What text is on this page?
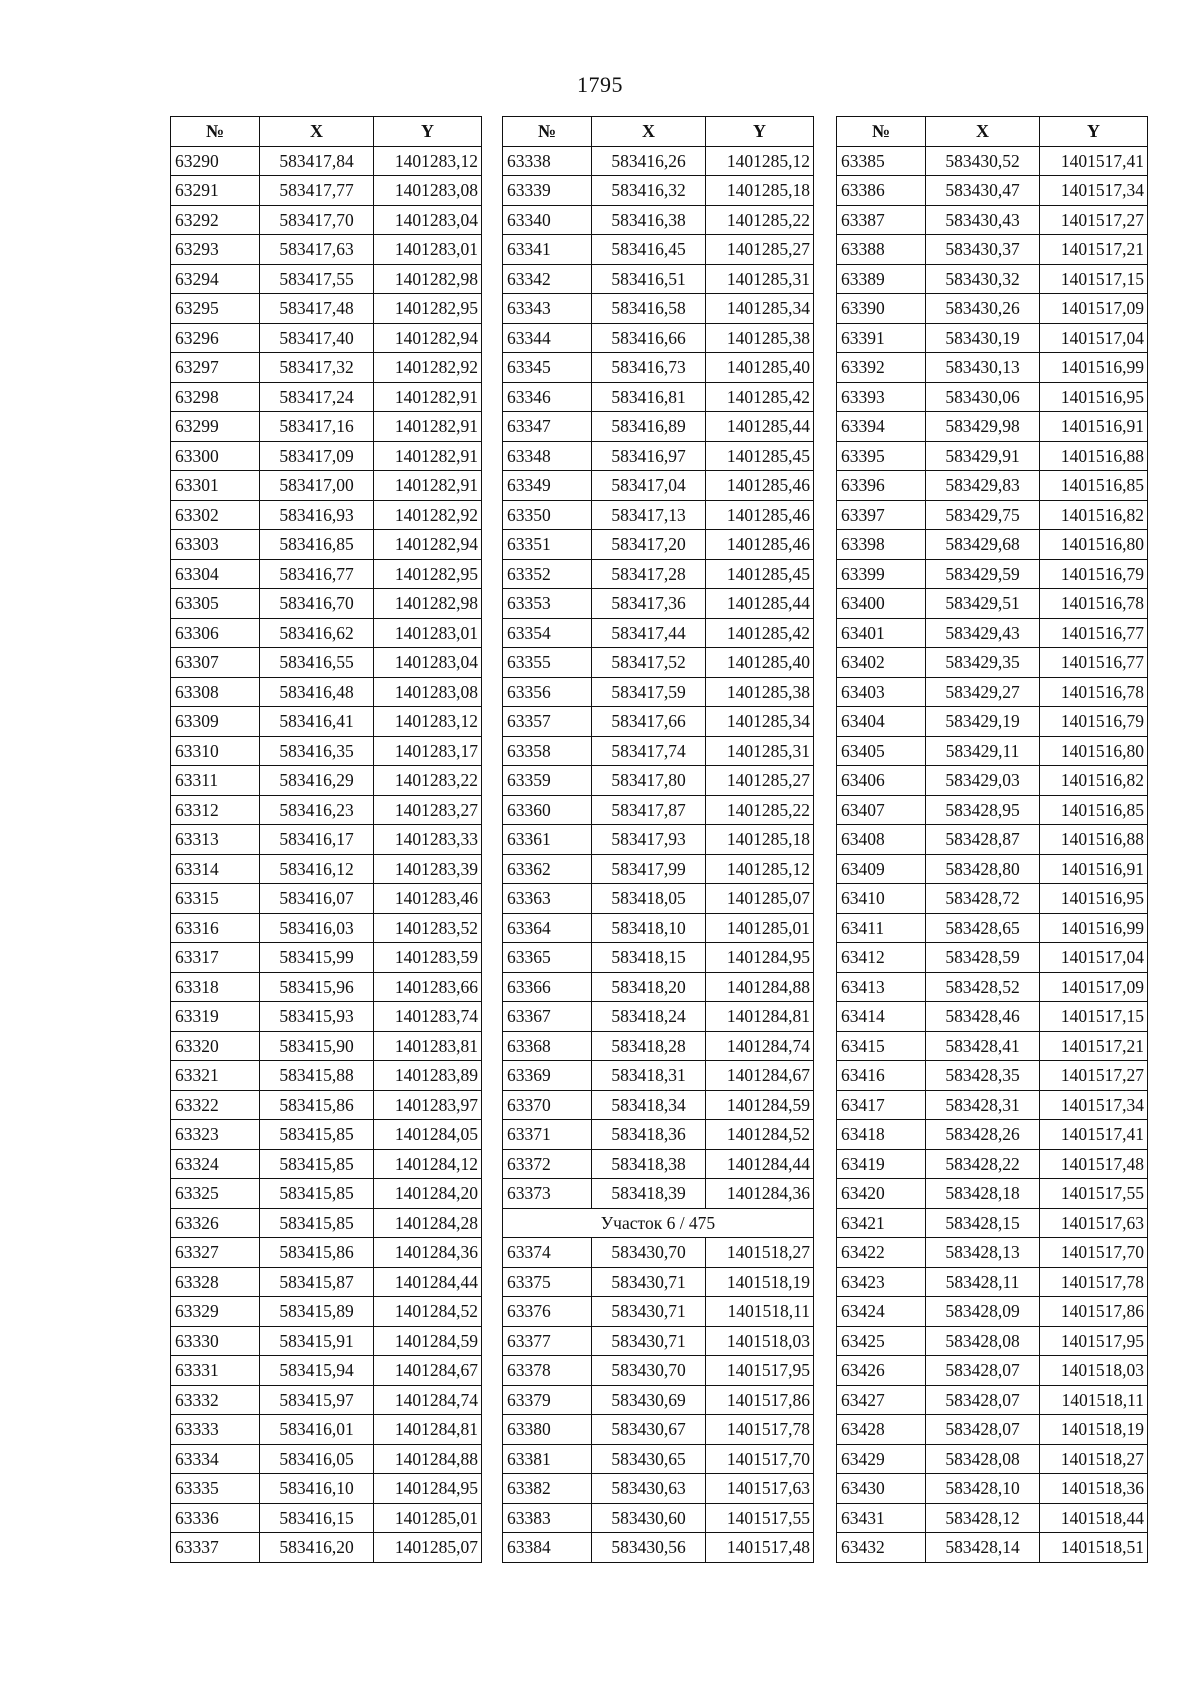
1795
№	X	Y
63290	583417,84	1401283,12
63291	583417,77	1401283,08
63292	583417,70	1401283,04
63293	583417,63	1401283,01
63294	583417,55	1401282,98
63295	583417,48	1401282,95
63296	583417,40	1401282,94
63297	583417,32	1401282,92
63298	583417,24	1401282,91
63299	583417,16	1401282,91
63300	583417,09	1401282,91
63301	583417,00	1401282,91
63302	583416,93	1401282,92
63303	583416,85	1401282,94
63304	583416,77	1401282,95
63305	583416,70	1401282,98
63306	583416,62	1401283,01
63307	583416,55	1401283,04
63308	583416,48	1401283,08
63309	583416,41	1401283,12
63310	583416,35	1401283,17
63311	583416,29	1401283,22
63312	583416,23	1401283,27
63313	583416,17	1401283,33
63314	583416,12	1401283,39
63315	583416,07	1401283,46
63316	583416,03	1401283,52
63317	583415,99	1401283,59
63318	583415,96	1401283,66
63319	583415,93	1401283,74
63320	583415,90	1401283,81
63321	583415,88	1401283,89
63322	583415,86	1401283,97
63323	583415,85	1401284,05
63324	583415,85	1401284,12
63325	583415,85	1401284,20
63326	583415,85	1401284,28
63327	583415,86	1401284,36
63328	583415,87	1401284,44
63329	583415,89	1401284,52
63330	583415,91	1401284,59
63331	583415,94	1401284,67
63332	583415,97	1401284,74
63333	583416,01	1401284,81
63334	583416,05	1401284,88
63335	583416,10	1401284,95
63336	583416,15	1401285,01
63337	583416,20	1401285,07
№	X	Y
63338	583416,26	1401285,12
63339	583416,32	1401285,18
63340	583416,38	1401285,22
63341	583416,45	1401285,27
63342	583416,51	1401285,31
63343	583416,58	1401285,34
63344	583416,66	1401285,38
63345	583416,73	1401285,40
63346	583416,81	1401285,42
63347	583416,89	1401285,44
63348	583416,97	1401285,45
63349	583417,04	1401285,46
63350	583417,13	1401285,46
63351	583417,20	1401285,46
63352	583417,28	1401285,45
63353	583417,36	1401285,44
63354	583417,44	1401285,42
63355	583417,52	1401285,40
63356	583417,59	1401285,38
63357	583417,66	1401285,34
63358	583417,74	1401285,31
63359	583417,80	1401285,27
63360	583417,87	1401285,22
63361	583417,93	1401285,18
63362	583417,99	1401285,12
63363	583418,05	1401285,07
63364	583418,10	1401285,01
63365	583418,15	1401284,95
63366	583418,20	1401284,88
63367	583418,24	1401284,81
63368	583418,28	1401284,74
63369	583418,31	1401284,67
63370	583418,34	1401284,59
63371	583418,36	1401284,52
63372	583418,38	1401284,44
63373	583418,39	1401284,36
Участок 6 / 475		
63374	583430,70	1401518,27
63375	583430,71	1401518,19
63376	583430,71	1401518,11
63377	583430,71	1401518,03
63378	583430,70	1401517,95
63379	583430,69	1401517,86
63380	583430,67	1401517,78
63381	583430,65	1401517,70
63382	583430,63	1401517,63
63383	583430,60	1401517,55
63384	583430,56	1401517,48
№	X	Y
63385	583430,52	1401517,41
63386	583430,47	1401517,34
63387	583430,43	1401517,27
63388	583430,37	1401517,21
63389	583430,32	1401517,15
63390	583430,26	1401517,09
63391	583430,19	1401517,04
63392	583430,13	1401516,99
63393	583430,06	1401516,95
63394	583429,98	1401516,91
63395	583429,91	1401516,88
63396	583429,83	1401516,85
63397	583429,75	1401516,82
63398	583429,68	1401516,80
63399	583429,59	1401516,79
63400	583429,51	1401516,78
63401	583429,43	1401516,77
63402	583429,35	1401516,77
63403	583429,27	1401516,78
63404	583429,19	1401516,79
63405	583429,11	1401516,80
63406	583429,03	1401516,82
63407	583428,95	1401516,85
63408	583428,87	1401516,88
63409	583428,80	1401516,91
63410	583428,72	1401516,95
63411	583428,65	1401516,99
63412	583428,59	1401517,04
63413	583428,52	1401517,09
63414	583428,46	1401517,15
63415	583428,41	1401517,21
63416	583428,35	1401517,27
63417	583428,31	1401517,34
63418	583428,26	1401517,41
63419	583428,22	1401517,48
63420	583428,18	1401517,55
63421	583428,15	1401517,63
63422	583428,13	1401517,70
63423	583428,11	1401517,78
63424	583428,09	1401517,86
63425	583428,08	1401517,95
63426	583428,07	1401518,03
63427	583428,07	1401518,11
63428	583428,07	1401518,19
63429	583428,08	1401518,27
63430	583428,10	1401518,36
63431	583428,12	1401518,44
63432	583428,14	1401518,51
